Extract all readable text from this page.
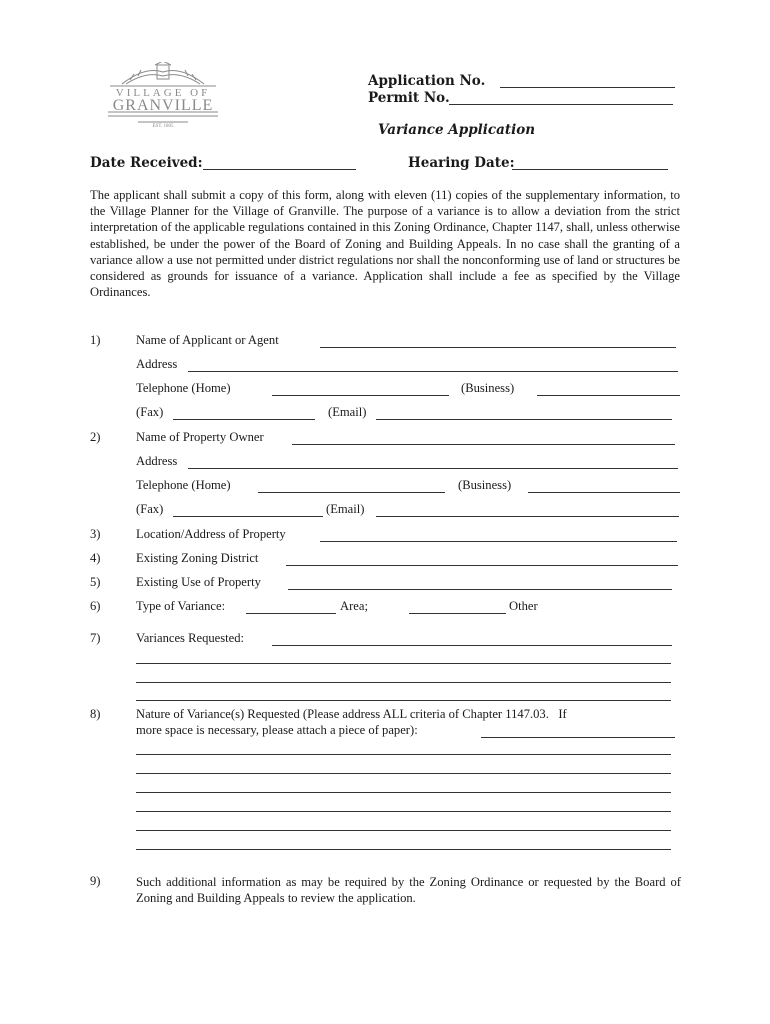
VILLAGE OF
GRANVILLE
EST. 1805
Application No.
Permit No.
Variance Application
Date Received:	Hearing Date:
The applicant shall submit a copy of this form, along with eleven (11) copies of the supplementary information, to the Village Planner for the Village of Granville. The purpose of a variance is to allow a deviation from the strict interpretation of the applicable regulations contained in this Zoning Ordinance, Chapter 1147, shall, unless otherwise established, be under the power of the Board of Zoning and Building Appeals. In no case shall the granting of a variance allow a use not permitted under district regulations nor shall the nonconforming use of land or structures be considered as grounds for issuance of a variance. Application shall include a fee as specified by the Village Ordinances.
1)	Name of Applicant or Agent
Address
Telephone (Home)	(Business)
(Fax)	(Email)
2)	Name of Property Owner
Address
Telephone (Home)	(Business)
(Fax)	(Email)
3)	Location/Address of Property
4)	Existing Zoning District
5)	Existing Use of Property
6)	Type of Variance:	Area;	Other
7)	Variances Requested:
8)	Nature of Variance(s) Requested (Please address ALL criteria of Chapter 1147.03.   If
more space is necessary, please attach a piece of paper):
9)	Such additional information as may be required by the Zoning Ordinance or requested by the Board of Zoning and Building Appeals to review the application.
